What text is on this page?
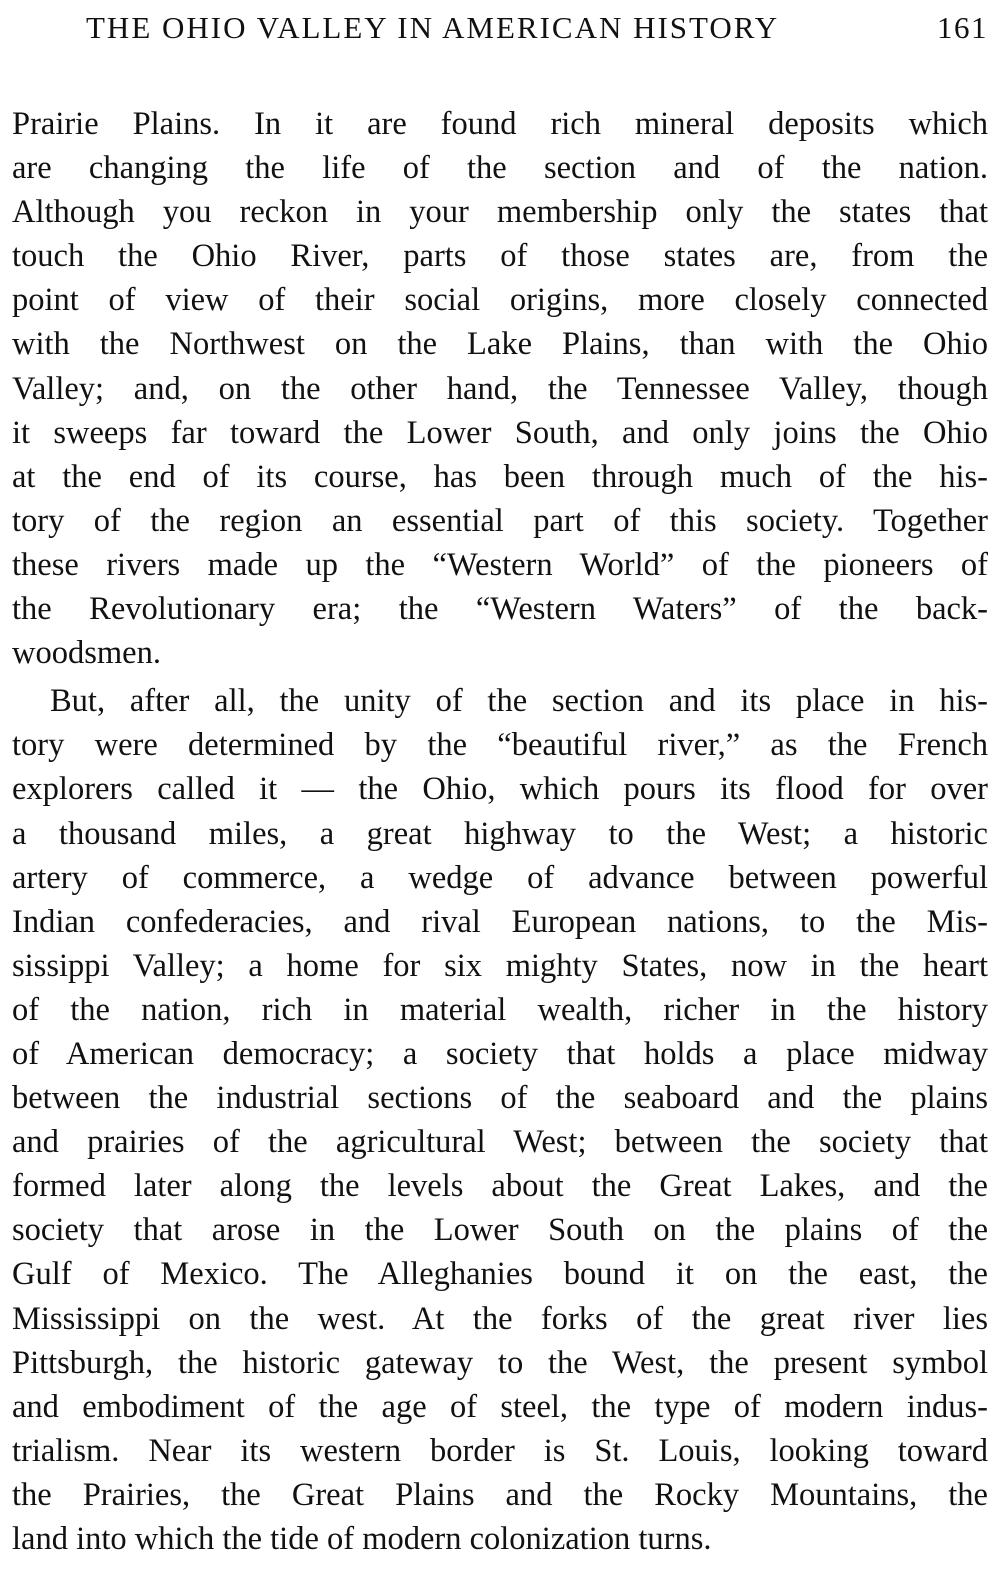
THE OHIO VALLEY IN AMERICAN HISTORY	161
Prairie Plains. In it are found rich mineral deposits which
are changing the life of the section and of the nation.
Although you reckon in your membership only the states that
touch the Ohio River, parts of those states are, from the
point of view of their social origins, more closely connected
with the Northwest on the Lake Plains, than with the Ohio
Valley; and, on the other hand, the Tennessee Valley, though
it sweeps far toward the Lower South, and only joins the Ohio
at the end of its course, has been through much of the his-
tory of the region an essential part of this society. Together
these rivers made up the “Western World” of the pioneers of
the Revolutionary era; the “Western Waters” of the back-
woodsmen.
But, after all, the unity of the section and its place in his-
tory were determined by the “beautiful river,” as the French
explorers called it — the Ohio, which pours its flood for over
a thousand miles, a great highway to the West; a historic
artery of commerce, a wedge of advance between powerful
Indian confederacies, and rival European nations, to the Mis-
sissippi Valley; a home for six mighty States, now in the heart
of the nation, rich in material wealth, richer in the history
of American democracy; a society that holds a place midway
between the industrial sections of the seaboard and the plains
and prairies of the agricultural West; between the society that
formed later along the levels about the Great Lakes, and the
society that arose in the Lower South on the plains of the
Gulf of Mexico. The Alleghanies bound it on the east, the
Mississippi on the west. At the forks of the great river lies
Pittsburgh, the historic gateway to the West, the present symbol
and embodiment of the age of steel, the type of modern indus-
trialism. Near its western border is St. Louis, looking toward
the Prairies, the Great Plains and the Rocky Mountains, the
land into which the tide of modern colonization turns.
